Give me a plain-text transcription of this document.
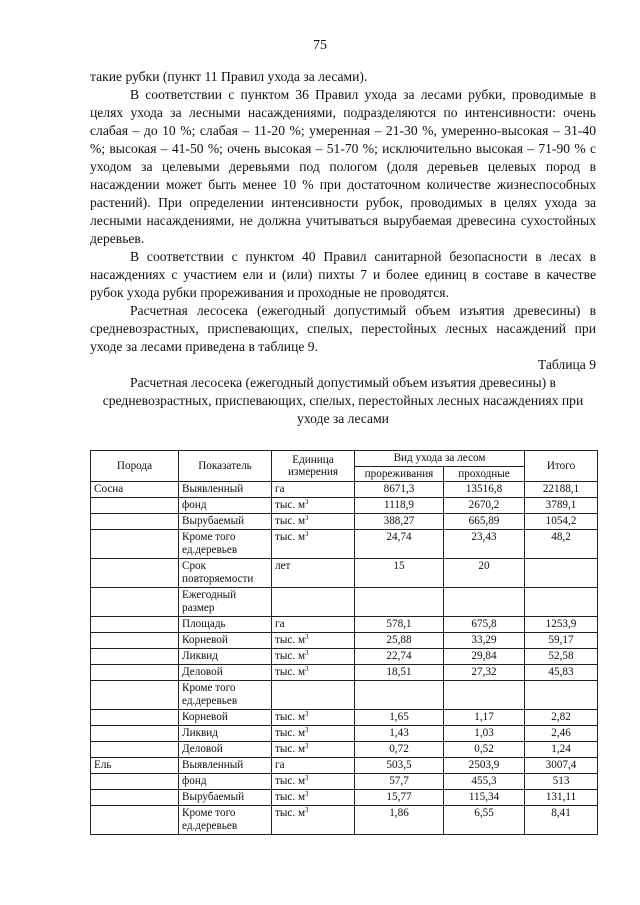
75

такие рубки (пункт 11 Правил ухода за лесами).

В соответствии с пунктом 36 Правил ухода за лесами рубки, проводимые в целях ухода за лесными насаждениями, подразделяются по интенсивности: очень слабая – до 10 %; слабая – 11-20 %; умеренная – 21-30 %, умеренно-высокая – 31-40 %; высокая – 41-50 %; очень высокая – 51-70 %; исключительно высокая – 71-90 % с уходом за целевыми деревьями под пологом (доля деревьев целевых пород в насаждении может быть менее 10 % при достаточном количестве жизнеспособных растений). При определении интенсивности рубок, проводимых в целях ухода за лесными насаждениями, не должна учитываться вырубаемая древесина сухостойных деревьев.

В соответствии с пунктом 40 Правил санитарной безопасности в лесах в насаждениях с участием ели и (или) пихты 7 и более единиц в составе в качестве рубок ухода рубки прореживания и проходные не проводятся.

Расчетная лесосека (ежегодный допустимый объем изъятия древесины) в средневозрастных, приспевающих, спелых, перестойных лесных насаждений при уходе за лесами приведена в таблице 9.

Таблица 9

Расчетная лесосека (ежегодный допустимый объем изъятия древесины) в средневозрастных, приспевающих, спелых, перестойных лесных насаждениях при уходе за лесами

Порода	Показатель	Единица измерения	Вид ухода за лесом		Итого
			прореживания	проходные	
Сосна	Выявленный	га	8671,3	13516,8	22188,1
	фонд	тыс. $м^3$	1118,9	2670,2	3789,1
	Вырубаемый	тыс. $м^3$	388,27	665,89	1054,2
	Кроме того ед.деревьев	тыс. $м^3$	24,74	23,43	48,2
	Срок повторяемости	лет	15	20	
	Ежегодный размер				
	Площадь	га	578,1	675,8	1253,9
	Корневой	тыс. $м^3$	25,88	33,29	59,17
	Ликвид	тыс. $м^3$	22,74	29,84	52,58
	Деловой	тыс. $м^3$	18,51	27,32	45,83
	Кроме того ед.деревьев				
	Корневой	тыс. $м^3$	1,65	1,17	2,82
	Ликвид	тыс. $м^3$	1,43	1,03	2,46
	Деловой	тыс. $м^3$	0,72	0,52	1,24
Ель	Выявленный	га	503,5	2503,9	3007,4
	фонд	тыс. $м^3$	57,7	455,3	513
	Вырубаемый	тыс. $м^3$	15,77	115,34	131,11
	Кроме того ед.деревьев	тыс. $м^3$	1,86	6,55	8,41
